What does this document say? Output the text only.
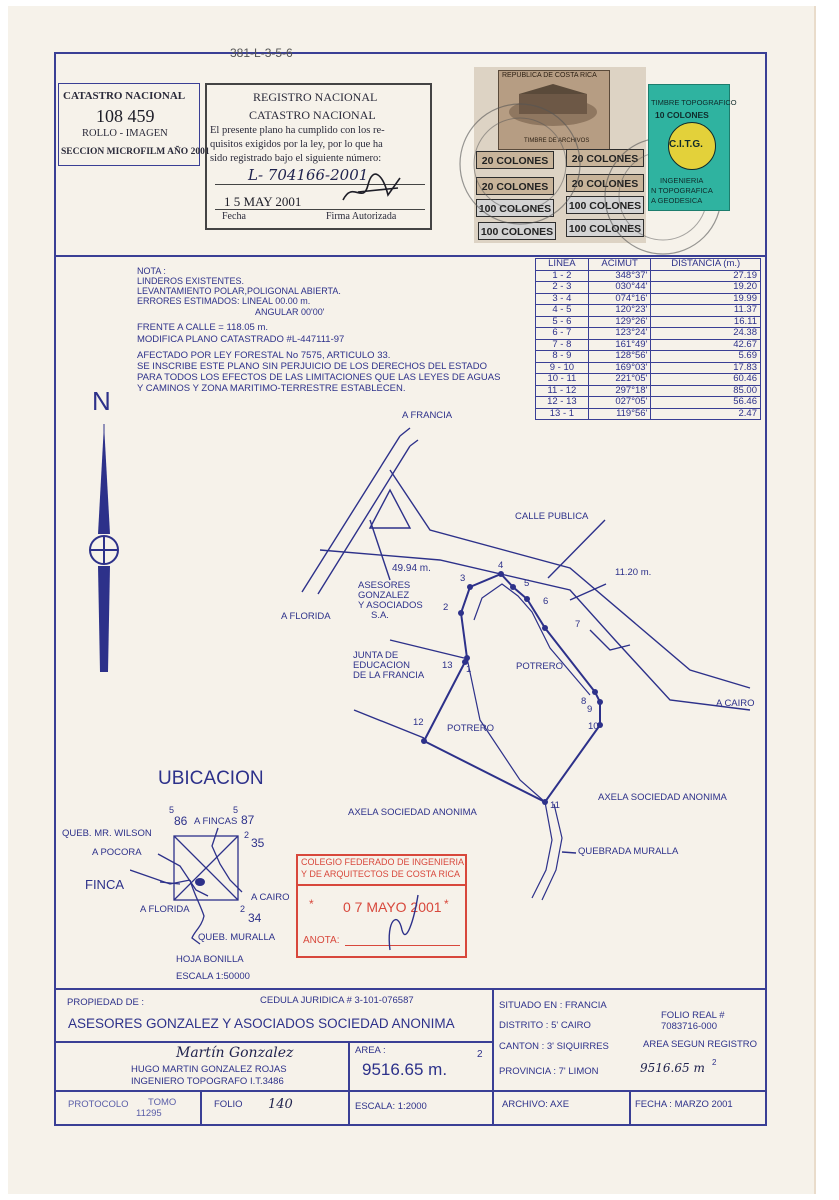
381-L-3-5-6
CATASTRO NACIONAL
108 459
ROLLO - IMAGEN
SECCION MICROFILM AÑO 2001
REGISTRO NACIONAL
CATASTRO NACIONAL
El presente plano ha cumplido con los re-
quisitos exigidos por la ley, por lo que ha
sido registrado bajo el siguiente número:
L- 704166-2001
1 5 MAY 2001
Fecha	Firma Autorizada
REPUBLICA DE COSTA RICA
TIMBRE DE ARCHIVOS
20 COLONES	20 COLONES
20 COLONES	20 COLONES
100 COLONES 100 COLONES
100 COLONES 100 COLONES
TIMBRE TOPOGRAFICO
10 COLONES
C.I.T.G.
INGENIERIA
N TOPOGRAFICA
A GEODESICA
NOTA :
LINDEROS EXISTENTES.
LEVANTAMIENTO POLAR,POLIGONAL ABIERTA.
ERRORES ESTIMADOS: LINEAL 00.00 m.
ANGULAR 00'00'
FRENTE A CALLE = 118.05 m.
MODIFICA PLANO CATASTRADO #L-447111-97
AFECTADO POR LEY FORESTAL No 7575, ARTICULO 33.
SE INSCRIBE ESTE PLANO SIN PERJUICIO DE LOS DERECHOS DEL ESTADO
PARA TODOS LOS EFECTOS DE LAS LIMITACIONES QUE LAS LEYES DE AGUAS
Y CAMINOS Y ZONA MARITIMO-TERRESTRE ESTABLECEN.
LINEA	ACIMUT	DISTANCIA (m.)
1 - 2	348°37'	27.19
2 - 3	030°44'	19.20
3 - 4	074°16'	19.99
4 - 5	120°23'	11.37
5 - 6	129°26'	16.11
6 - 7	123°24'	24.38
7 - 8	161°49'	42.67
8 - 9	128°56'	5.69
9 - 10	169°03'	17.83
10 - 11	221°05'	60.46
11 - 12	297°18'	85.00
12 - 13	027°05'	56.46
13 - 1	119°56'	2.47
N	A FRANCIA
CALLE PUBLICA
49.94 m.	11.20 m.
ASESORES
GONZALEZ
Y ASOCIADOS
S.A.
A FLORIDA
JUNTA DE
EDUCACION
DE LA FRANCIA
POTRERO
POTRERO
A CAIRO
AXELA SOCIEDAD ANONIMA
AXELA SOCIEDAD ANONIMA
QUEBRADA MURALLA
1
2
3
4
5
6
7
8
9
10
11
12
13
UBICACION
5
86 A FINCAS
5
87
QUEB. MR. WILSON
A POCORA
2
35
FINCA
A CAIRO
A FLORIDA	2
34
QUEB. MURALLA
HOJA BONILLA
ESCALA 1:50000
COLEGIO FEDERADO DE INGENIERIA
Y DE ARQUITECTOS DE COSTA RICA
* 0 7 MAYO 2001 *
ANOTA:
PROPIEDAD DE :	CEDULA JURIDICA # 3-101-076587
ASESORES GONZALEZ Y ASOCIADOS SOCIEDAD ANONIMA
SITUADO EN : FRANCIA
DISTRITO : 5' CAIRO
FOLIO REAL #
7083716-000
CANTON : 3' SIQUIRRES	AREA SEGUN REGISTRO
PROVINCIA : 7' LIMON	9516.65 m 2
AREA :
9516.65 m.
2
Martín Gonzalez
HUGO MARTIN GONZALEZ ROJAS
INGENIERO TOPOGRAFO I.T.3486
PROTOCOLO TOMO
11295
FOLIO 140	ESCALA: 1:2000	ARCHIVO: AXE	FECHA : MARZO 2001
